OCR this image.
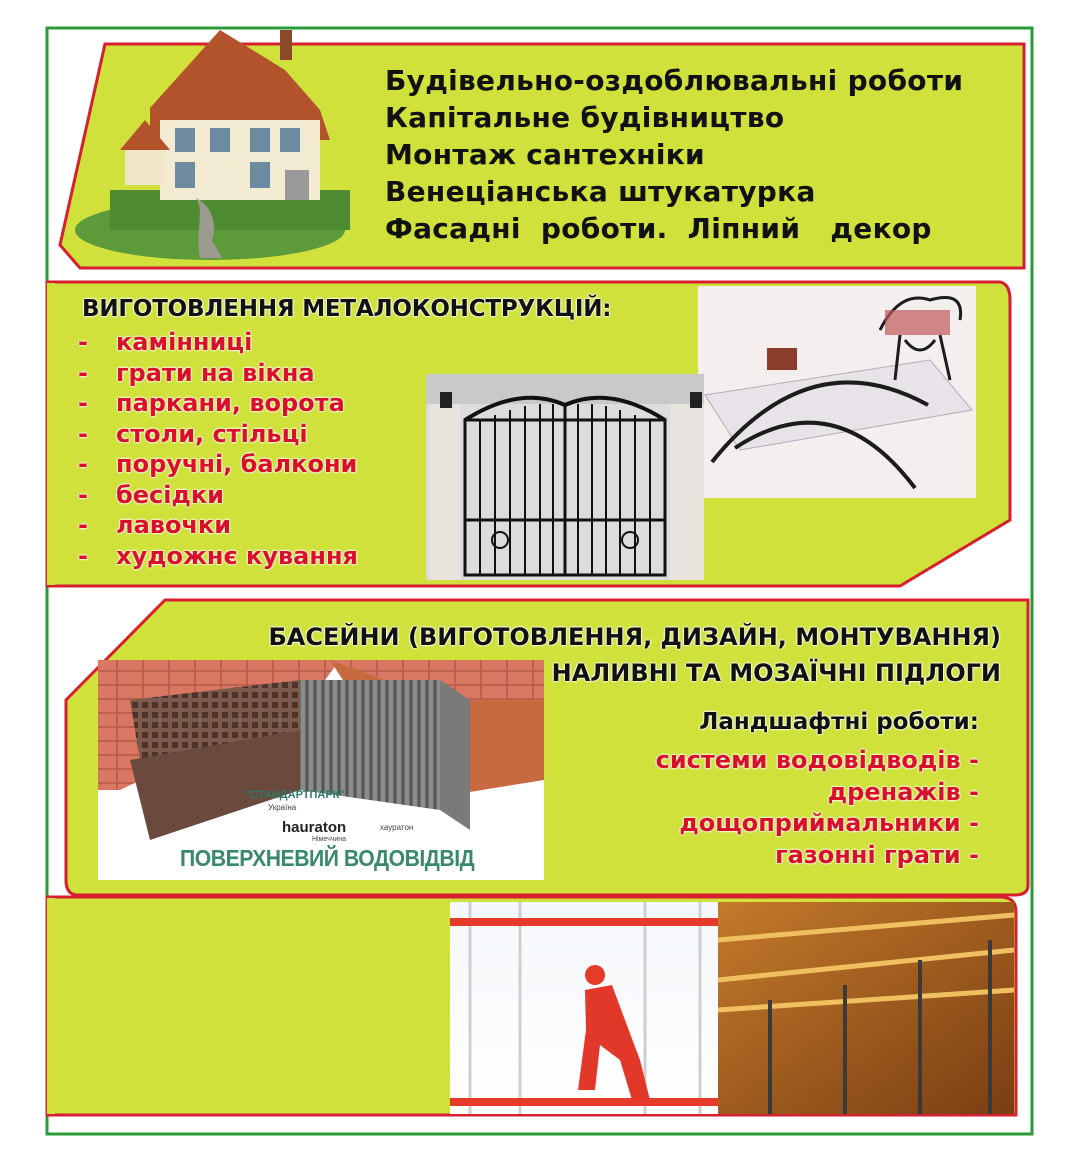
Будівельно-оздоблювальні роботи
Капітальне будівництво
Монтаж сантехніки
Венеціанська штукатурка
Фасадні  роботи.  Ліпний   декор
ВИГОТОВЛЕННЯ МЕТАЛОКОНСТРУКЦІЙ:
- камінниці
- грати на вікна
- паркани, ворота
- столи, стільці
- поручні, балкони
- бесідки
- лавочки
- художнє кування
БАСЕЙНИ (ВИГОТОВЛЕННЯ, ДИЗАЙН, МОНТУВАННЯ)
НАЛИВНІ ТА МОЗАЇЧНІ ПІДЛОГИ
Ландшафтні роботи:
системи водовідводів -
дренажів -
дощоприймальники -
газонні грати -
"СТАНДАРТПАРК"
Україна
hauraton	хауратон
Німеччина
ПОВЕРХНЕВИЙ ВОДОВІДВІД
